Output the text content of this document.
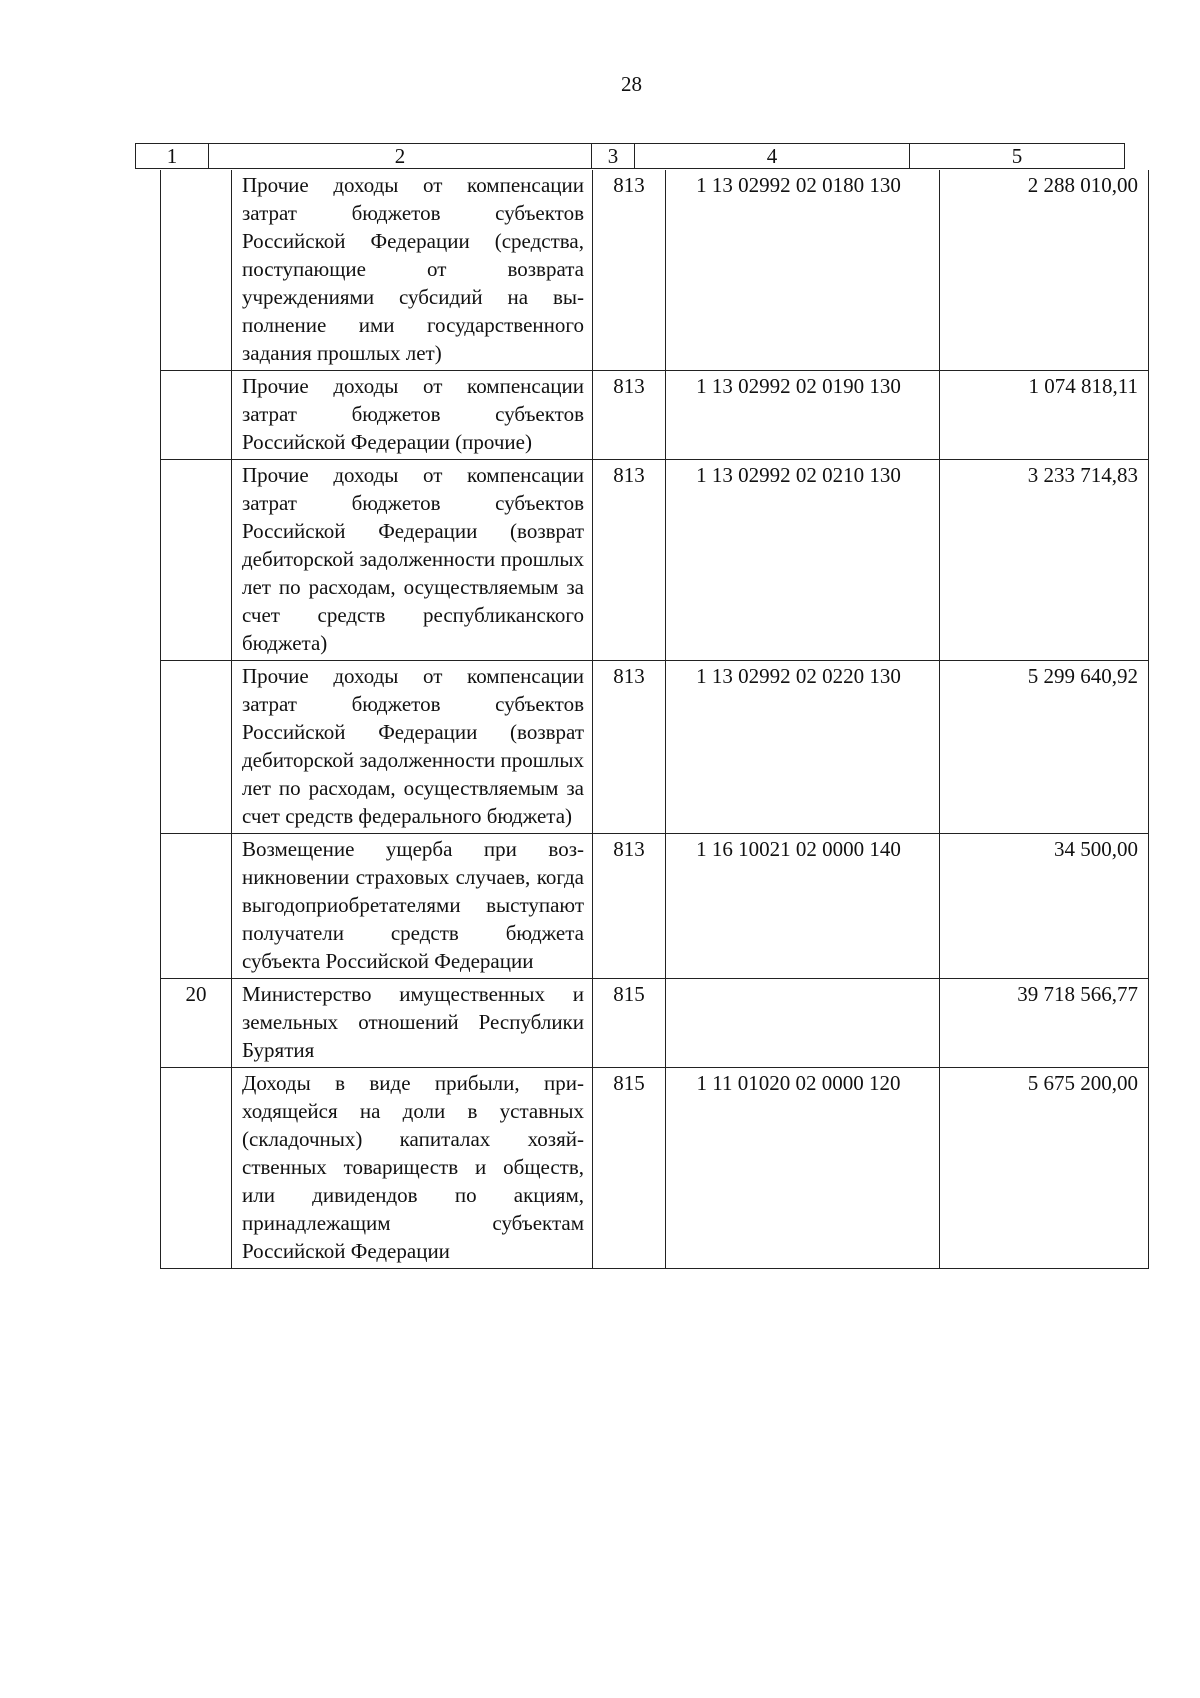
28
1	2	3	4	5
	Прочие доходы от компенсации затрат бюджетов субъектов Российской Федерации (средства, поступающие от возврата учреждениями субсидий на выполнение ими государственного задания прошлых лет)	813	1 13 02992 02 0180 130	2 288 010,00
	Прочие доходы от компенсации затрат бюджетов субъектов Российской Федерации (прочие)	813	1 13 02992 02 0190 130	1 074 818,11
	Прочие доходы от компенсации затрат бюджетов субъектов Российской Федерации (возврат дебиторской задолженности прошлых лет по расходам, осуществляемым за счет средств республиканского бюджета)	813	1 13 02992 02 0210 130	3 233 714,83
	Прочие доходы от компенсации затрат бюджетов субъектов Российской Федерации (возврат дебиторской задолженности прошлых лет по расходам, осуществляемым за счет средств федерального бюджета)	813	1 13 02992 02 0220 130	5 299 640,92
	Возмещение ущерба при возникновении страховых случаев, когда выгодоприобретателями выступают получатели средств бюджета субъекта Российской Федерации	813	1 16 10021 02 0000 140	34 500,00
20	Министерство имущественных и земельных отношений Республики Бурятия	815		39 718 566,77
	Доходы в виде прибыли, приходящейся на доли в уставных (складочных) капиталах хозяйственных товариществ и обществ, или дивидендов по акциям, принадлежащим субъектам Российской Федерации	815	1 11 01020 02 0000 120	5 675 200,00
